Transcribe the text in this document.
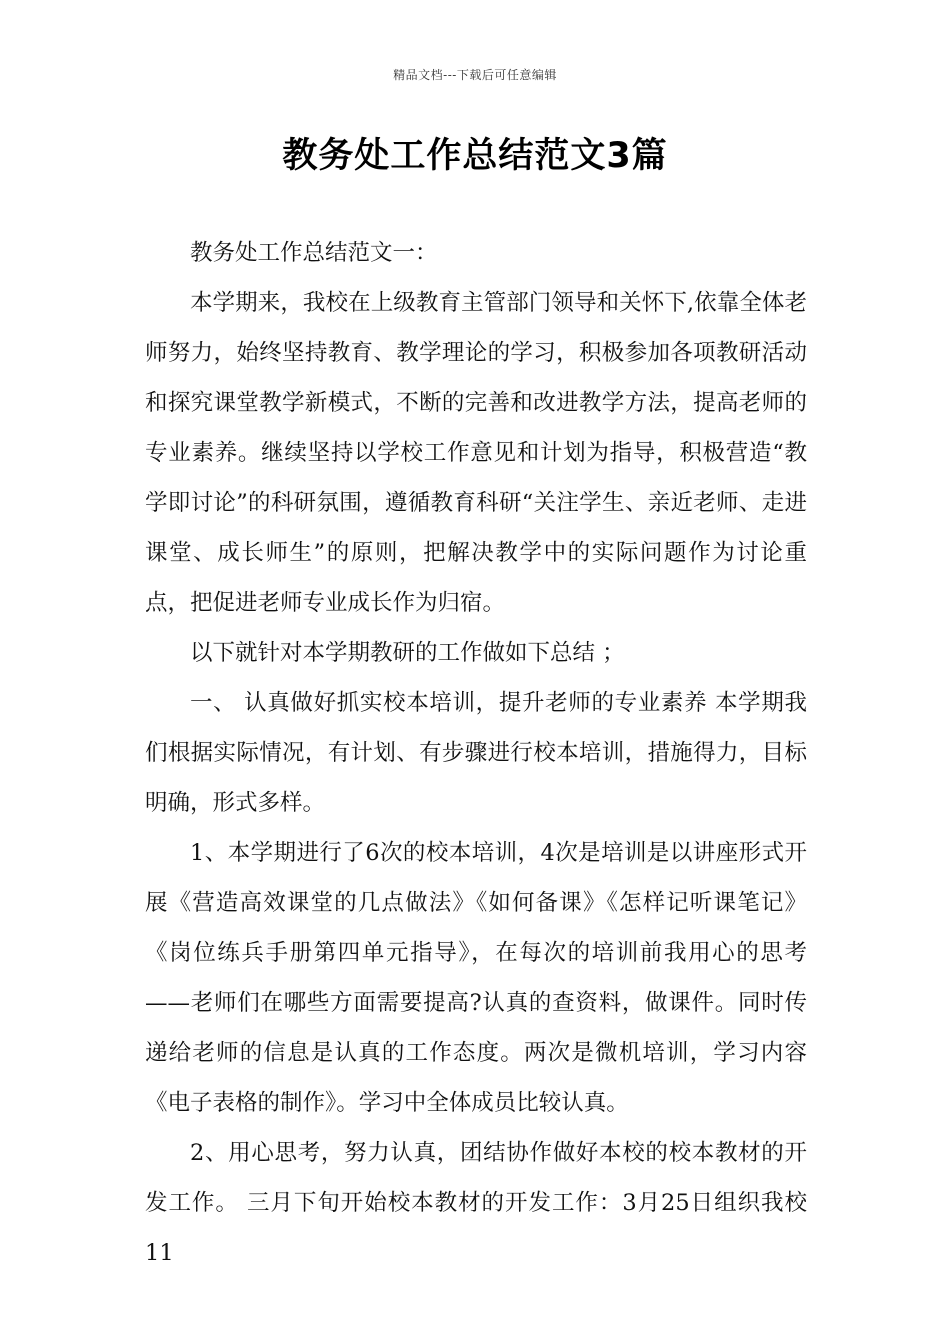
精品文档---下载后可任意编辑
教务处工作总结范文3篇

教务处工作总结范文一：

本学期来，我校在上级教育主管部门领导和关怀下,依靠全体老师努力，始终坚持教育、教学理论的学习，积极参加各项教研活动和探究课堂教学新模式，不断的完善和改进教学方法，提高老师的专业素养。继续坚持以学校工作意见和计划为指导，积极营造“教学即讨论”的科研氛围，遵循教育科研“关注学生、亲近老师、走进课堂、成长师生”的原则，把解决教学中的实际问题作为讨论重点，把促进老师专业成长作为归宿。

以下就针对本学期教研的工作做如下总结 ；

一、 认真做好抓实校本培训，提升老师的专业素养 本学期我们根据实际情况，有计划、有步骤进行校本培训，措施得力，目标明确，形式多样。

1、本学期进行了6次的校本培训，4次是培训是以讲座形式开展《营造高效课堂的几点做法》《如何备课》《怎样记听课笔记》《岗位练兵手册第四单元指导》，在每次的培训前我用心的思考——老师们在哪些方面需要提高?认真的查资料，做课件。同时传递给老师的信息是认真的工作态度。两次是微机培训，学习内容《电子表格的制作》。学习中全体成员比较认真。

2、用心思考，努力认真，团结协作做好本校的校本教材的开发工作。 三月下旬开始校本教材的开发工作：3月25日组织我校11
